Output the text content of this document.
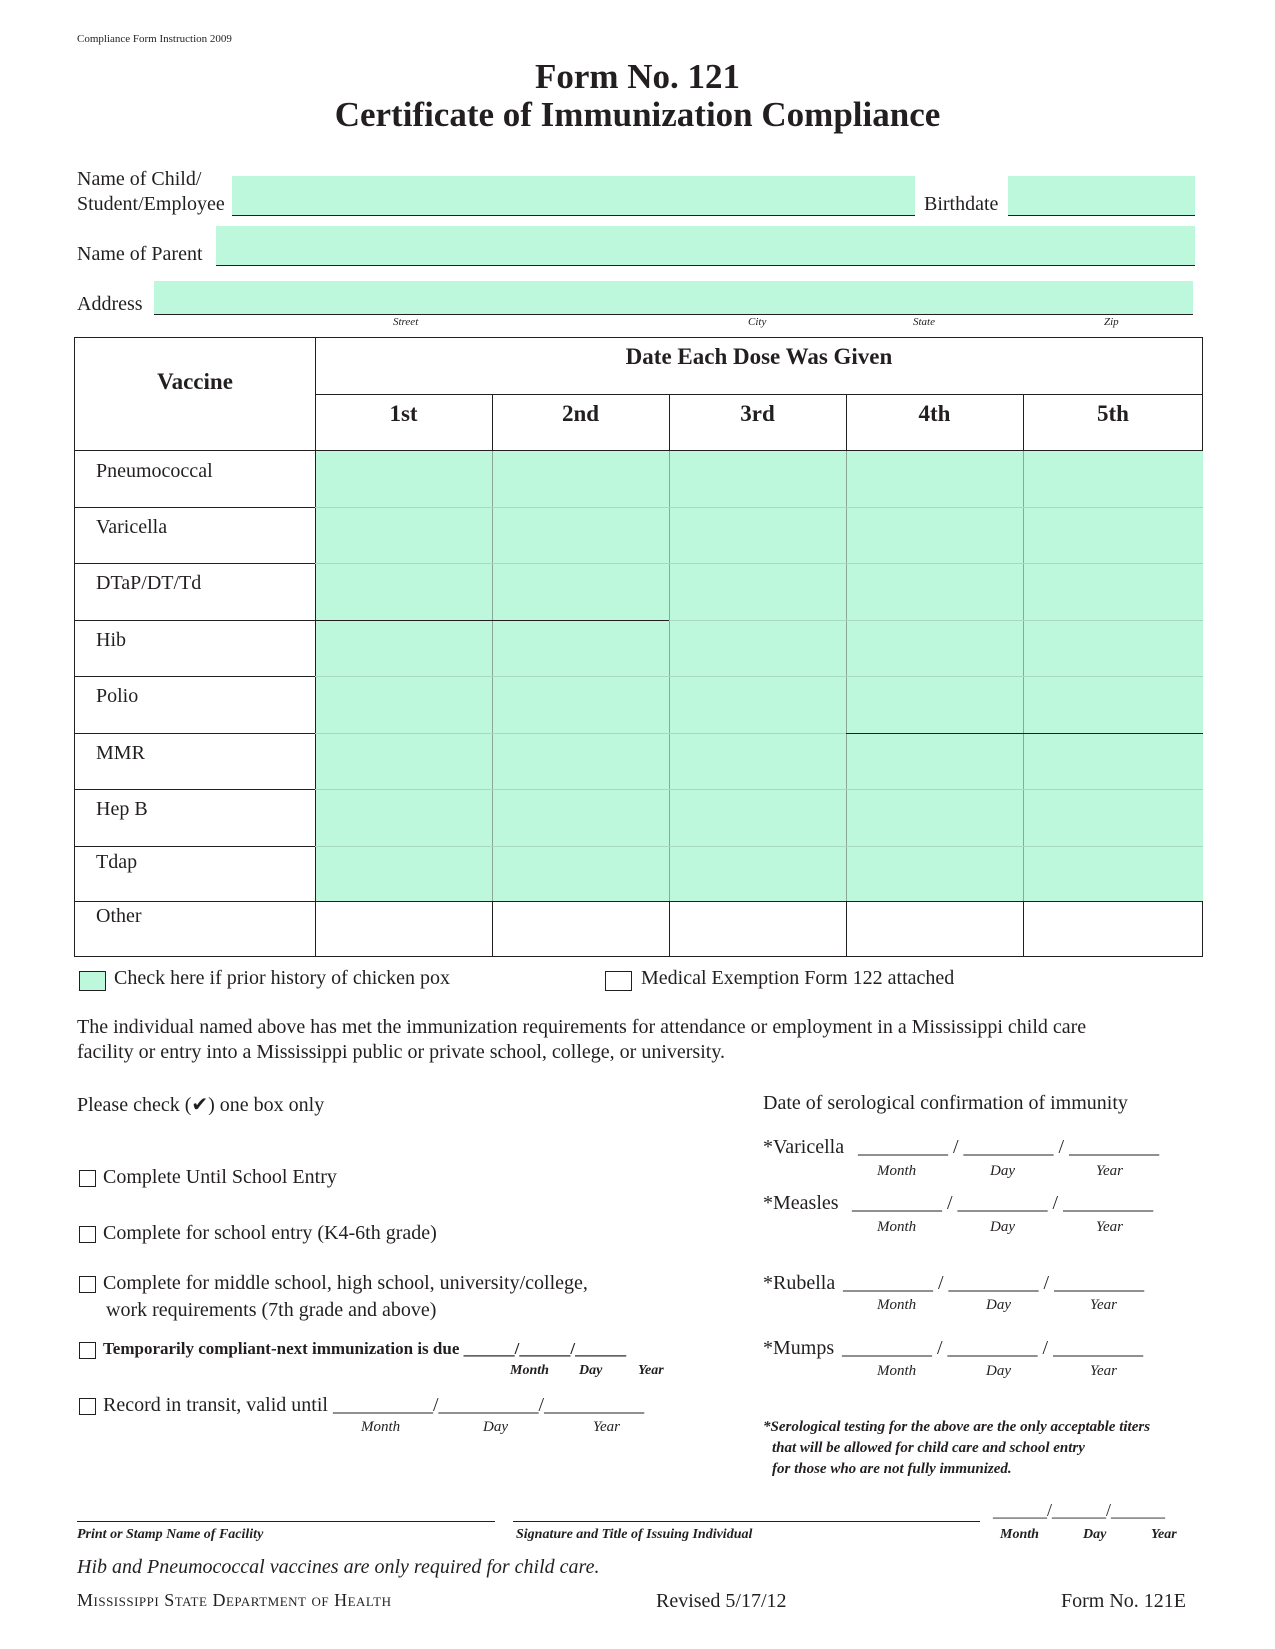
Compliance Form Instruction 2009
Form No. 121
Certificate of Immunization Compliance
Name of Child/
Student/Employee	Birthdate
Name of Parent
Address
Street	City	State	Zip
Vaccine
Date Each Dose Was Given
1st	2nd	3rd	4th	5th
Pneumococcal
Varicella
DTaP/DT/Td
Hib
Polio
MMR
Hep B
Tdap
Other
Check here if prior history of chicken pox	Medical Exemption Form 122 attached
The individual named above has met the immunization requirements for attendance or employment in a Mississippi child care
facility or entry into a Mississippi public or private school, college, or university.
Please check (✔) one box only
Complete Until School Entry
Complete for school entry (K4-6th grade)
Complete for middle school, high school, university/college,
work requirements (7th grade and above)
Temporarily compliant-next immunization is due ______/______/______
Month Day	Year
Record in transit, valid until __________/__________/__________
Month	Day	Year
Date of serological confirmation of immunity
*Varicella _________ / _________ / _________
Month	Day	Year
*Measles _________ / _________ / _________
Month	Day	Year
*Rubella _________ / _________ / _________
Month	Day	Year
*Mumps _________ / _________ / _________
Month	Day	Year
*Serological testing for the above are the only acceptable titers
that will be allowed for child care and school entry
for those who are not fully immunized.
Print or Stamp Name of Facility	Signature and Title of Issuing Individual
______/______/______
Month	Day	Year
Hib and Pneumococcal vaccines are only required for child care.
Mississippi State Department of Health	Revised 5/17/12	Form No. 121E
